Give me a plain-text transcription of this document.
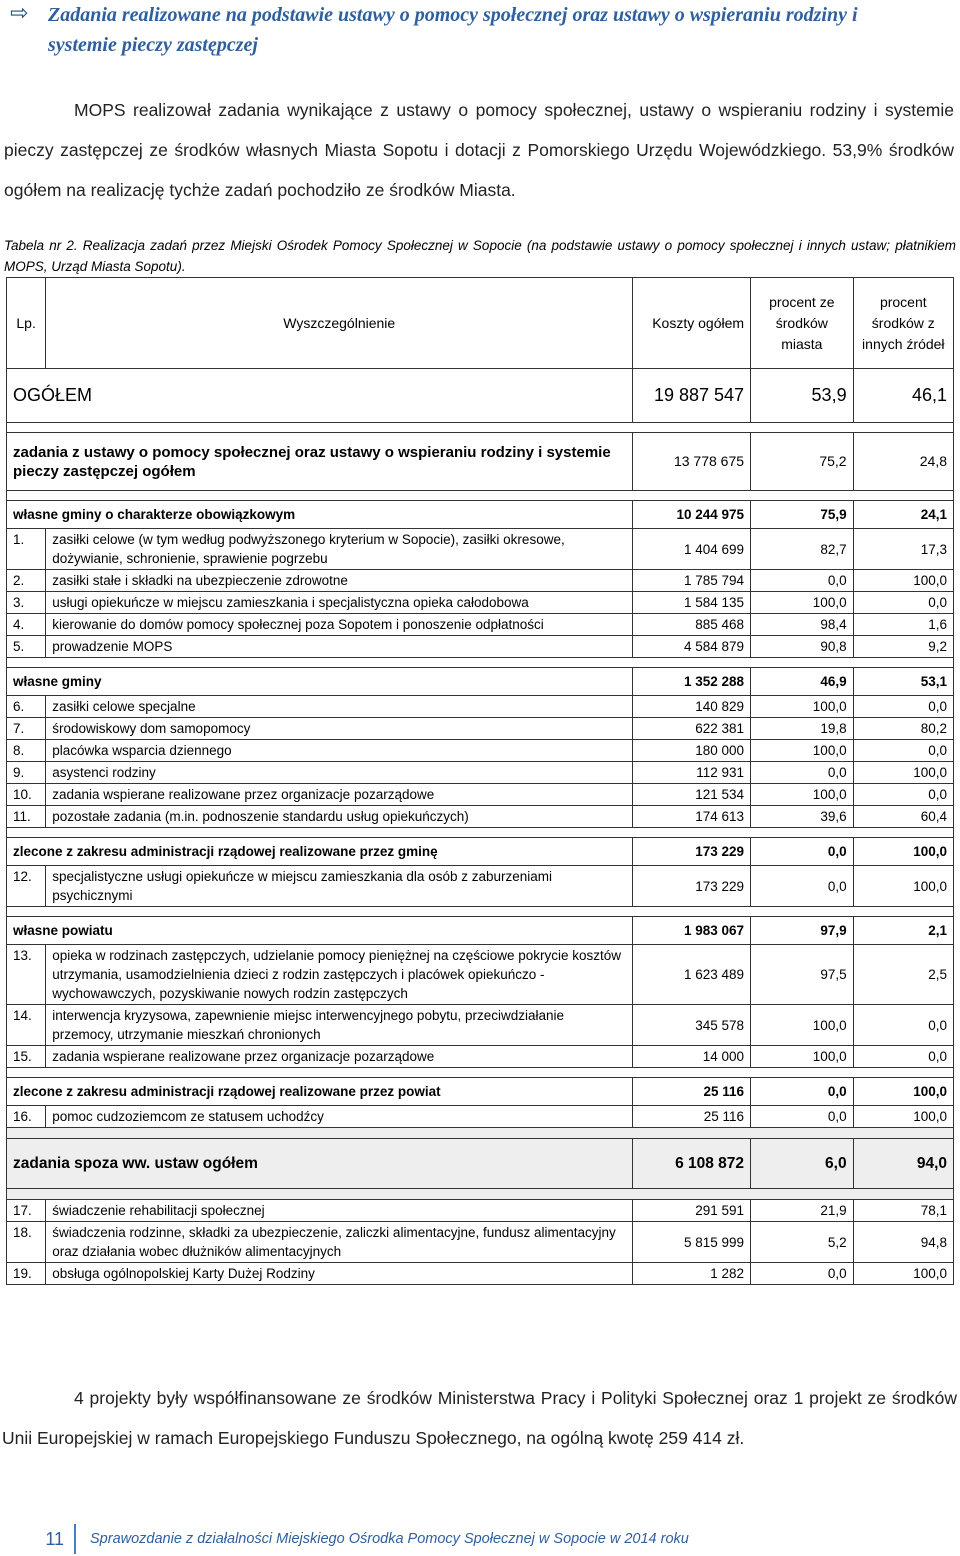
⇨ Zadania realizowane na podstawie ustawy o pomocy społecznej oraz ustawy o wspieraniu rodziny i systemie pieczy zastępczej

MOPS realizował zadania wynikające z ustawy o pomocy społecznej, ustawy o wspieraniu rodziny i systemie pieczy zastępczej ze środków własnych Miasta Sopotu i dotacji z Pomorskiego Urzędu Wojewódzkiego. 53,9% środków ogółem na realizację tychże zadań pochodziło ze środków Miasta.

Tabela nr 2. Realizacja zadań przez Miejski Ośrodek Pomocy Społecznej w Sopocie (na podstawie ustawy o pomocy społecznej i innych ustaw; płatnikiem MOPS, Urząd Miasta Sopotu).
Lp.	Wyszczególnienie	Koszty ogółem	procent ze środków miasta	procent środków z innych źródeł
OGÓŁEM		19 887 547	53,9	46,1

zadania z ustawy o pomocy społecznej oraz ustawy o wspieraniu rodziny i systemie pieczy zastępczej ogółem		13 778 675	75,2	24,8

własne gminy o charakterze obowiązkowym		10 244 975	75,9	24,1
1.	zasiłki celowe (w tym według podwyższonego kryterium w Sopocie), zasiłki okresowe, dożywianie, schronienie, sprawienie pogrzebu	1 404 699	82,7	17,3
2.	zasiłki stałe i składki na ubezpieczenie zdrowotne	1 785 794	0,0	100,0
3.	usługi opiekuńcze w miejscu zamieszkania i specjalistyczna opieka całodobowa	1 584 135	100,0	0,0
4.	kierowanie do domów pomocy społecznej poza Sopotem i ponoszenie odpłatności	885 468	98,4	1,6
5.	prowadzenie MOPS	4 584 879	90,8	9,2

własne gminy		1 352 288	46,9	53,1
6.	zasiłki celowe specjalne	140 829	100,0	0,0
7.	środowiskowy dom samopomocy	622 381	19,8	80,2
8.	placówka wsparcia dziennego	180 000	100,0	0,0
9.	asystenci rodziny	112 931	0,0	100,0
10.	zadania wspierane realizowane przez organizacje pozarządowe	121 534	100,0	0,0
11.	pozostałe zadania (m.in. podnoszenie standardu usług opiekuńczych)	174 613	39,6	60,4

zlecone z zakresu administracji rządowej realizowane przez gminę		173 229	0,0	100,0
12.	specjalistyczne usługi opiekuńcze w miejscu zamieszkania dla osób z zaburzeniami psychicznymi	173 229	0,0	100,0

własne powiatu		1 983 067	97,9	2,1
13.	opieka w rodzinach zastępczych, udzielanie pomocy pieniężnej na częściowe pokrycie kosztów utrzymania, usamodzielnienia dzieci z rodzin zastępczych i placówek opiekuńczo - wychowawczych, pozyskiwanie nowych rodzin zastępczych	1 623 489	97,5	2,5
14.	interwencja kryzysowa, zapewnienie miejsc interwencyjnego pobytu, przeciwdziałanie przemocy, utrzymanie mieszkań chronionych	345 578	100,0	0,0
15.	zadania wspierane realizowane przez organizacje pozarządowe	14 000	100,0	0,0

zlecone z zakresu administracji rządowej realizowane przez powiat		25 116	0,0	100,0
16.	pomoc cudzoziemcom ze statusem uchodźcy	25 116	0,0	100,0

zadania spoza ww. ustaw ogółem		6 108 872	6,0	94,0

17.	świadczenie rehabilitacji społecznej	291 591	21,9	78,1
18.	świadczenia rodzinne, składki za ubezpieczenie, zaliczki alimentacyjne, fundusz alimentacyjny oraz działania wobec dłużników alimentacyjnych	5 815 999	5,2	94,8
19.	obsługa ogólnopolskiej Karty Dużej Rodziny	1 282	0,0	100,0

4 projekty były współfinansowane ze środków Ministerstwa Pracy i Polityki Społecznej oraz 1 projekt ze środków Unii Europejskiej w ramach Europejskiego Funduszu Społecznego, na ogólną kwotę 259 414 zł.

11	Sprawozdanie z działalności Miejskiego Ośrodka Pomocy Społecznej w Sopocie w 2014 roku
